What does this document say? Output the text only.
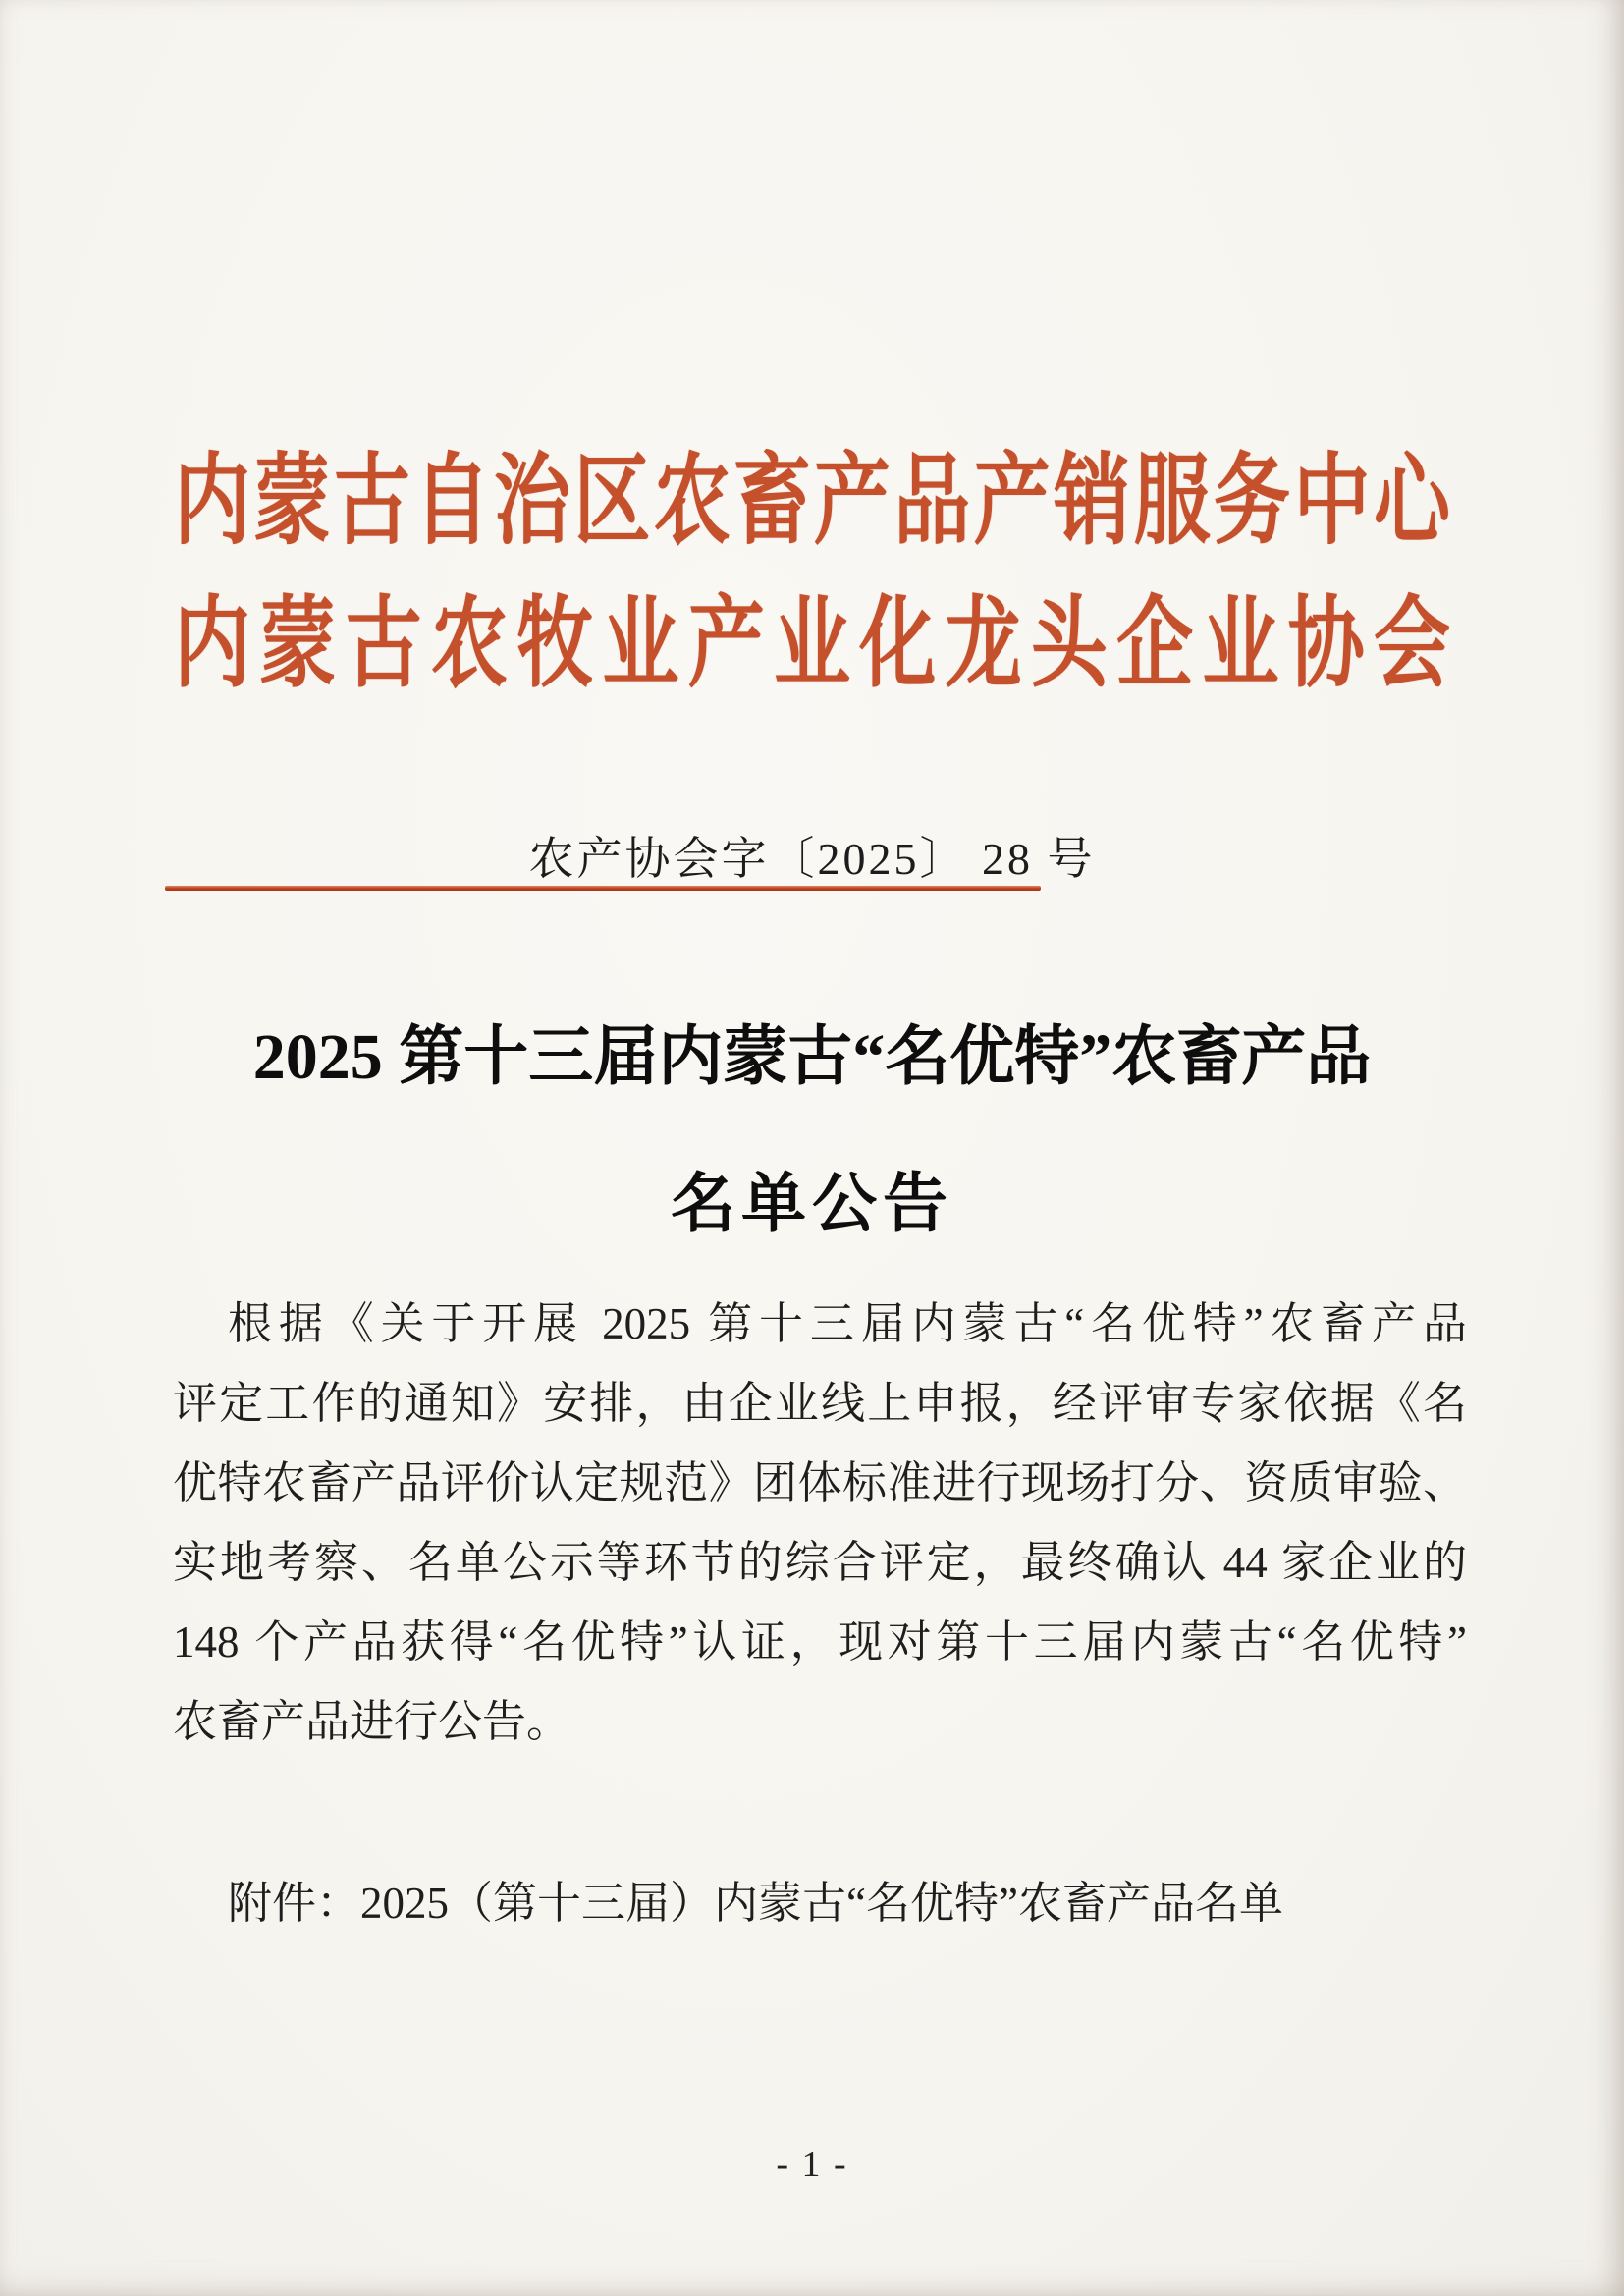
内蒙古自治区农畜产品产销服务中心
内蒙古农牧业产业化龙头企业协会
农产协会字〔2025〕 28 号
2025 第十三届内蒙古“名优特”农畜产品
名单公告
根据《关于开展 2025 第十三届内蒙古“名优特”农畜产品
评定工作的通知》安排，由企业线上申报，经评审专家依据《名
优特农畜产品评价认定规范》团体标准进行现场打分、资质审验、
实地考察、名单公示等环节的综合评定，最终确认 44 家企业的
148 个产品获得“名优特”认证，现对第十三届内蒙古“名优特”
农畜产品进行公告。
附件：2025（第十三届）内蒙古“名优特”农畜产品名单
- 1 -
